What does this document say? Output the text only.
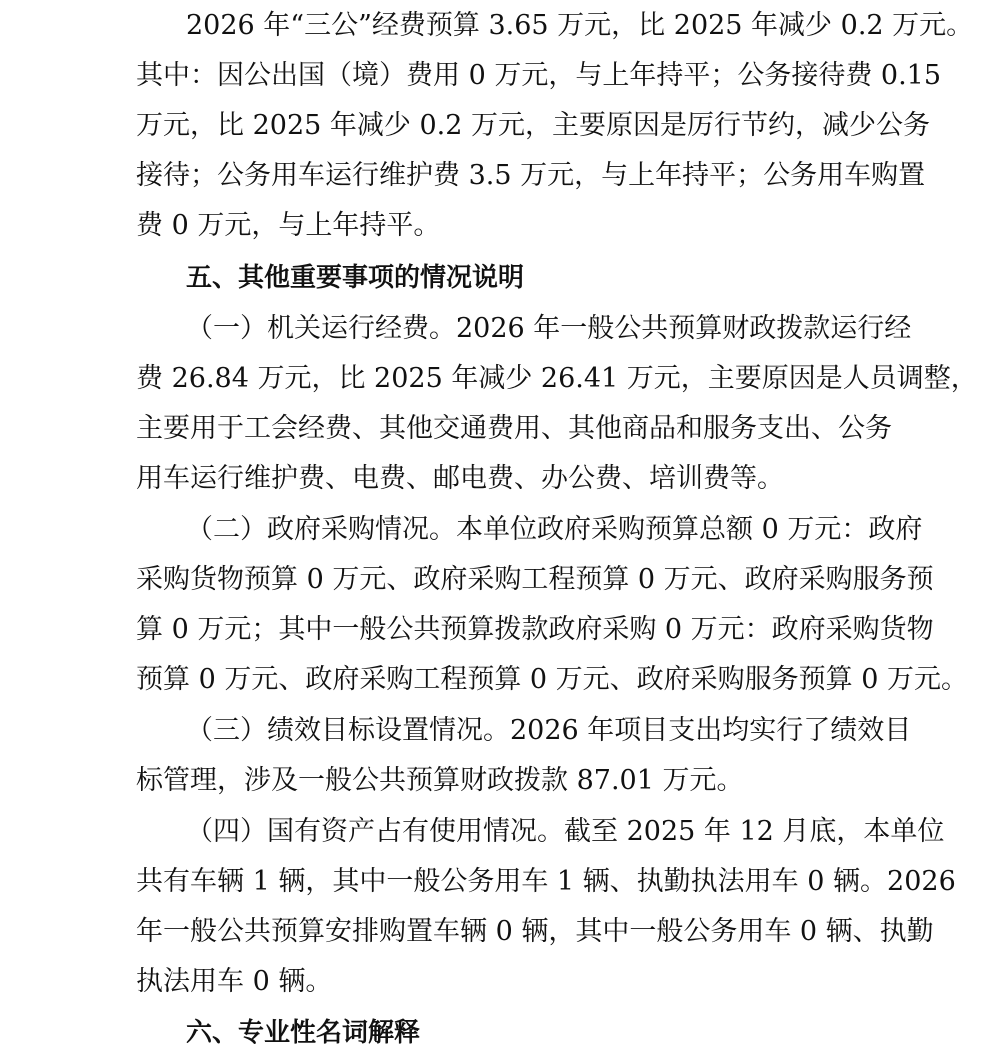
2026 年“三公”经费预算 3.65 万元，比 2025 年减少 0.2 万元。
其中：因公出国（境）费用 0 万元，与上年持平；公务接待费 0.15
万元，比 2025 年减少 0.2 万元，主要原因是厉行节约，减少公务
接待；公务用车运行维护费 3.5 万元，与上年持平；公务用车购置
费 0 万元，与上年持平。
五、其他重要事项的情况说明
（一）机关运行经费。2026 年一般公共预算财政拨款运行经
费 26.84 万元，比 2025 年减少 26.41 万元，主要原因是人员调整，
主要用于工会经费、其他交通费用、其他商品和服务支出、公务
用车运行维护费、电费、邮电费、办公费、培训费等。
（二）政府采购情况。本单位政府采购预算总额 0 万元：政府
采购货物预算 0 万元、政府采购工程预算 0 万元、政府采购服务预
算 0 万元；其中一般公共预算拨款政府采购 0 万元：政府采购货物
预算 0 万元、政府采购工程预算 0 万元、政府采购服务预算 0 万元。
（三）绩效目标设置情况。2026 年项目支出均实行了绩效目
标管理，涉及一般公共预算财政拨款 87.01 万元。
（四）国有资产占有使用情况。截至 2025 年 12 月底，本单位
共有车辆 1 辆，其中一般公务用车 1 辆、执勤执法用车 0 辆。2026
年一般公共预算安排购置车辆 0 辆，其中一般公务用车 0 辆、执勤
执法用车 0 辆。
六、专业性名词解释
